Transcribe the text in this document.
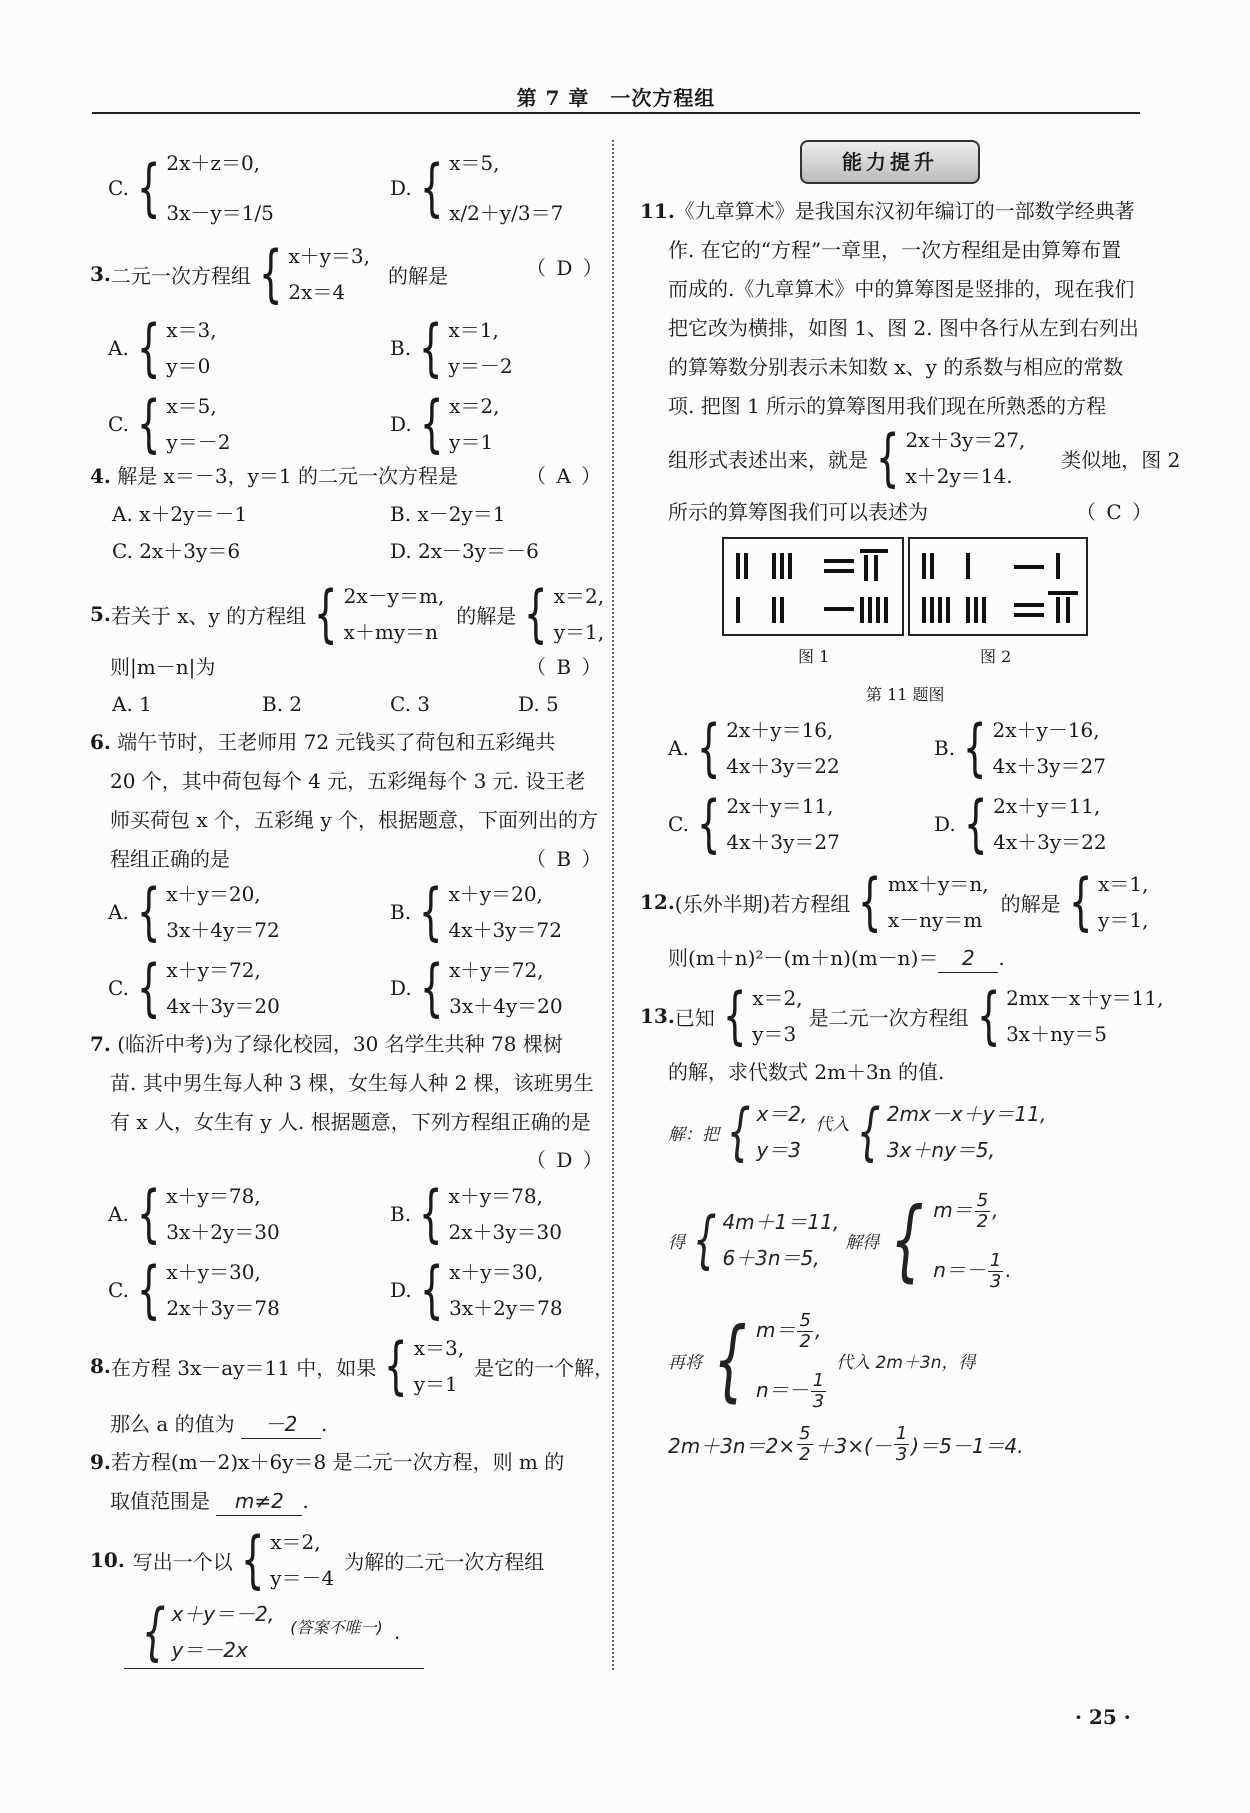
第 7 章　一次方程组
C. { 2x＋z＝0,
3x－y＝1/5
D. { x＝5,
x/2＋y/3＝7
3. 二元一次方程组 { x＋y＝3,
2x＝4
的解是	（ D ）
A. { x＝3,
y＝0
B. { x＝1,
y＝－2
C. { x＝5,
y＝－2
D. { x＝2,
y＝1
4. 解是 x＝－3，y＝1 的二元一次方程是	（ A ）
A. x＋2y＝－1	B. x－2y＝1
C. 2x＋3y＝6	D. 2x－3y＝－6
5. 若关于 x、y 的方程组 { 2x－y＝m,
x＋my＝n
的解是 { x＝2,
y＝1,
则|m－n|为	（ B ）
A. 1	B. 2	C. 3	D. 5
6. 端午节时，王老师用 72 元钱买了荷包和五彩绳共
20 个，其中荷包每个 4 元，五彩绳每个 3 元. 设王老
师买荷包 x 个，五彩绳 y 个，根据题意，下面列出的方
程组正确的是	（ B ）
A. { x＋y＝20,
3x＋4y＝72
B. { x＋y＝20,
4x＋3y＝72
C. { x＋y＝72,
4x＋3y＝20
D. { x＋y＝72,
3x＋4y＝20
7. (临沂中考)为了绿化校园，30 名学生共种 78 棵树
苗. 其中男生每人种 3 棵，女生每人种 2 棵，该班男生
有 x 人，女生有 y 人. 根据题意，下列方程组正确的是
（ D ）
A. { x＋y＝78,
3x＋2y＝30
B. { x＋y＝78,
2x＋3y＝30
C. { x＋y＝30,
2x＋3y＝78
D. { x＋y＝30,
3x＋2y＝78
8. 在方程 3x－ay＝11 中，如果 { x＝3,
y＝1
是它的一个解，
那么 a 的值为 －2 .
9.若方程(m－2)x＋6y＝8 是二元一次方程，则 m 的
取值范围是 m≠2 .
10. 写出一个以 { x＝2,
y＝－4
为解的二元一次方程组
{ x＋y＝－2,
y＝－2x
(答案不唯一) .
能力提升
11.《九章算术》是我国东汉初年编订的一部数学经典著
作. 在它的“方程”一章里，一次方程组是由算筹布置
而成的.《九章算术》中的算筹图是竖排的，现在我们
把它改为横排，如图 1、图 2. 图中各行从左到右列出
的算筹数分别表示未知数 x、y 的系数与相应的常数
项. 把图 1 所示的算筹图用我们现在所熟悉的方程
组形式表述出来，就是 { 2x＋3y＝27,
x＋2y＝14.
类似地，图 2
所示的算筹图我们可以表述为	（ C ）
图 1	图 2
第 11 题图
A. { 2x＋y＝16,
4x＋3y＝22
B. { 2x＋y－16,
4x＋3y＝27
C. { 2x＋y＝11,
4x＋3y＝27
D. { 2x＋y＝11,
4x＋3y＝22
12. (乐外半期)若方程组 { mx＋y＝n,
x－ny＝m
的解是 { x＝1,
y＝1,
则(m＋n)²－(m＋n)(m－n)＝ 2 .
13. 已知 { x＝2,
y＝3
是二元一次方程组 { 2mx－x＋y＝11,
3x＋ny＝5
的解，求代数式 2m＋3n 的值.
解：把 { x＝2,
y＝3
代入 { 2mx－x＋y＝11,
3x＋ny＝5,
得 { 4m＋1＝11,
6＋3n＝5,
解得 { $m= \frac{5}{2}$ ,
$n=- \frac{1}{3}$ .
再将 { $m= \frac{5}{2}$ ,
$n=- \frac{1}{3}$
代入 2m＋3n，得
$2m+3n=2\times \frac{5}{2} +3\times(- \frac{1}{3} )=5-1=4$.
· 25 ·
